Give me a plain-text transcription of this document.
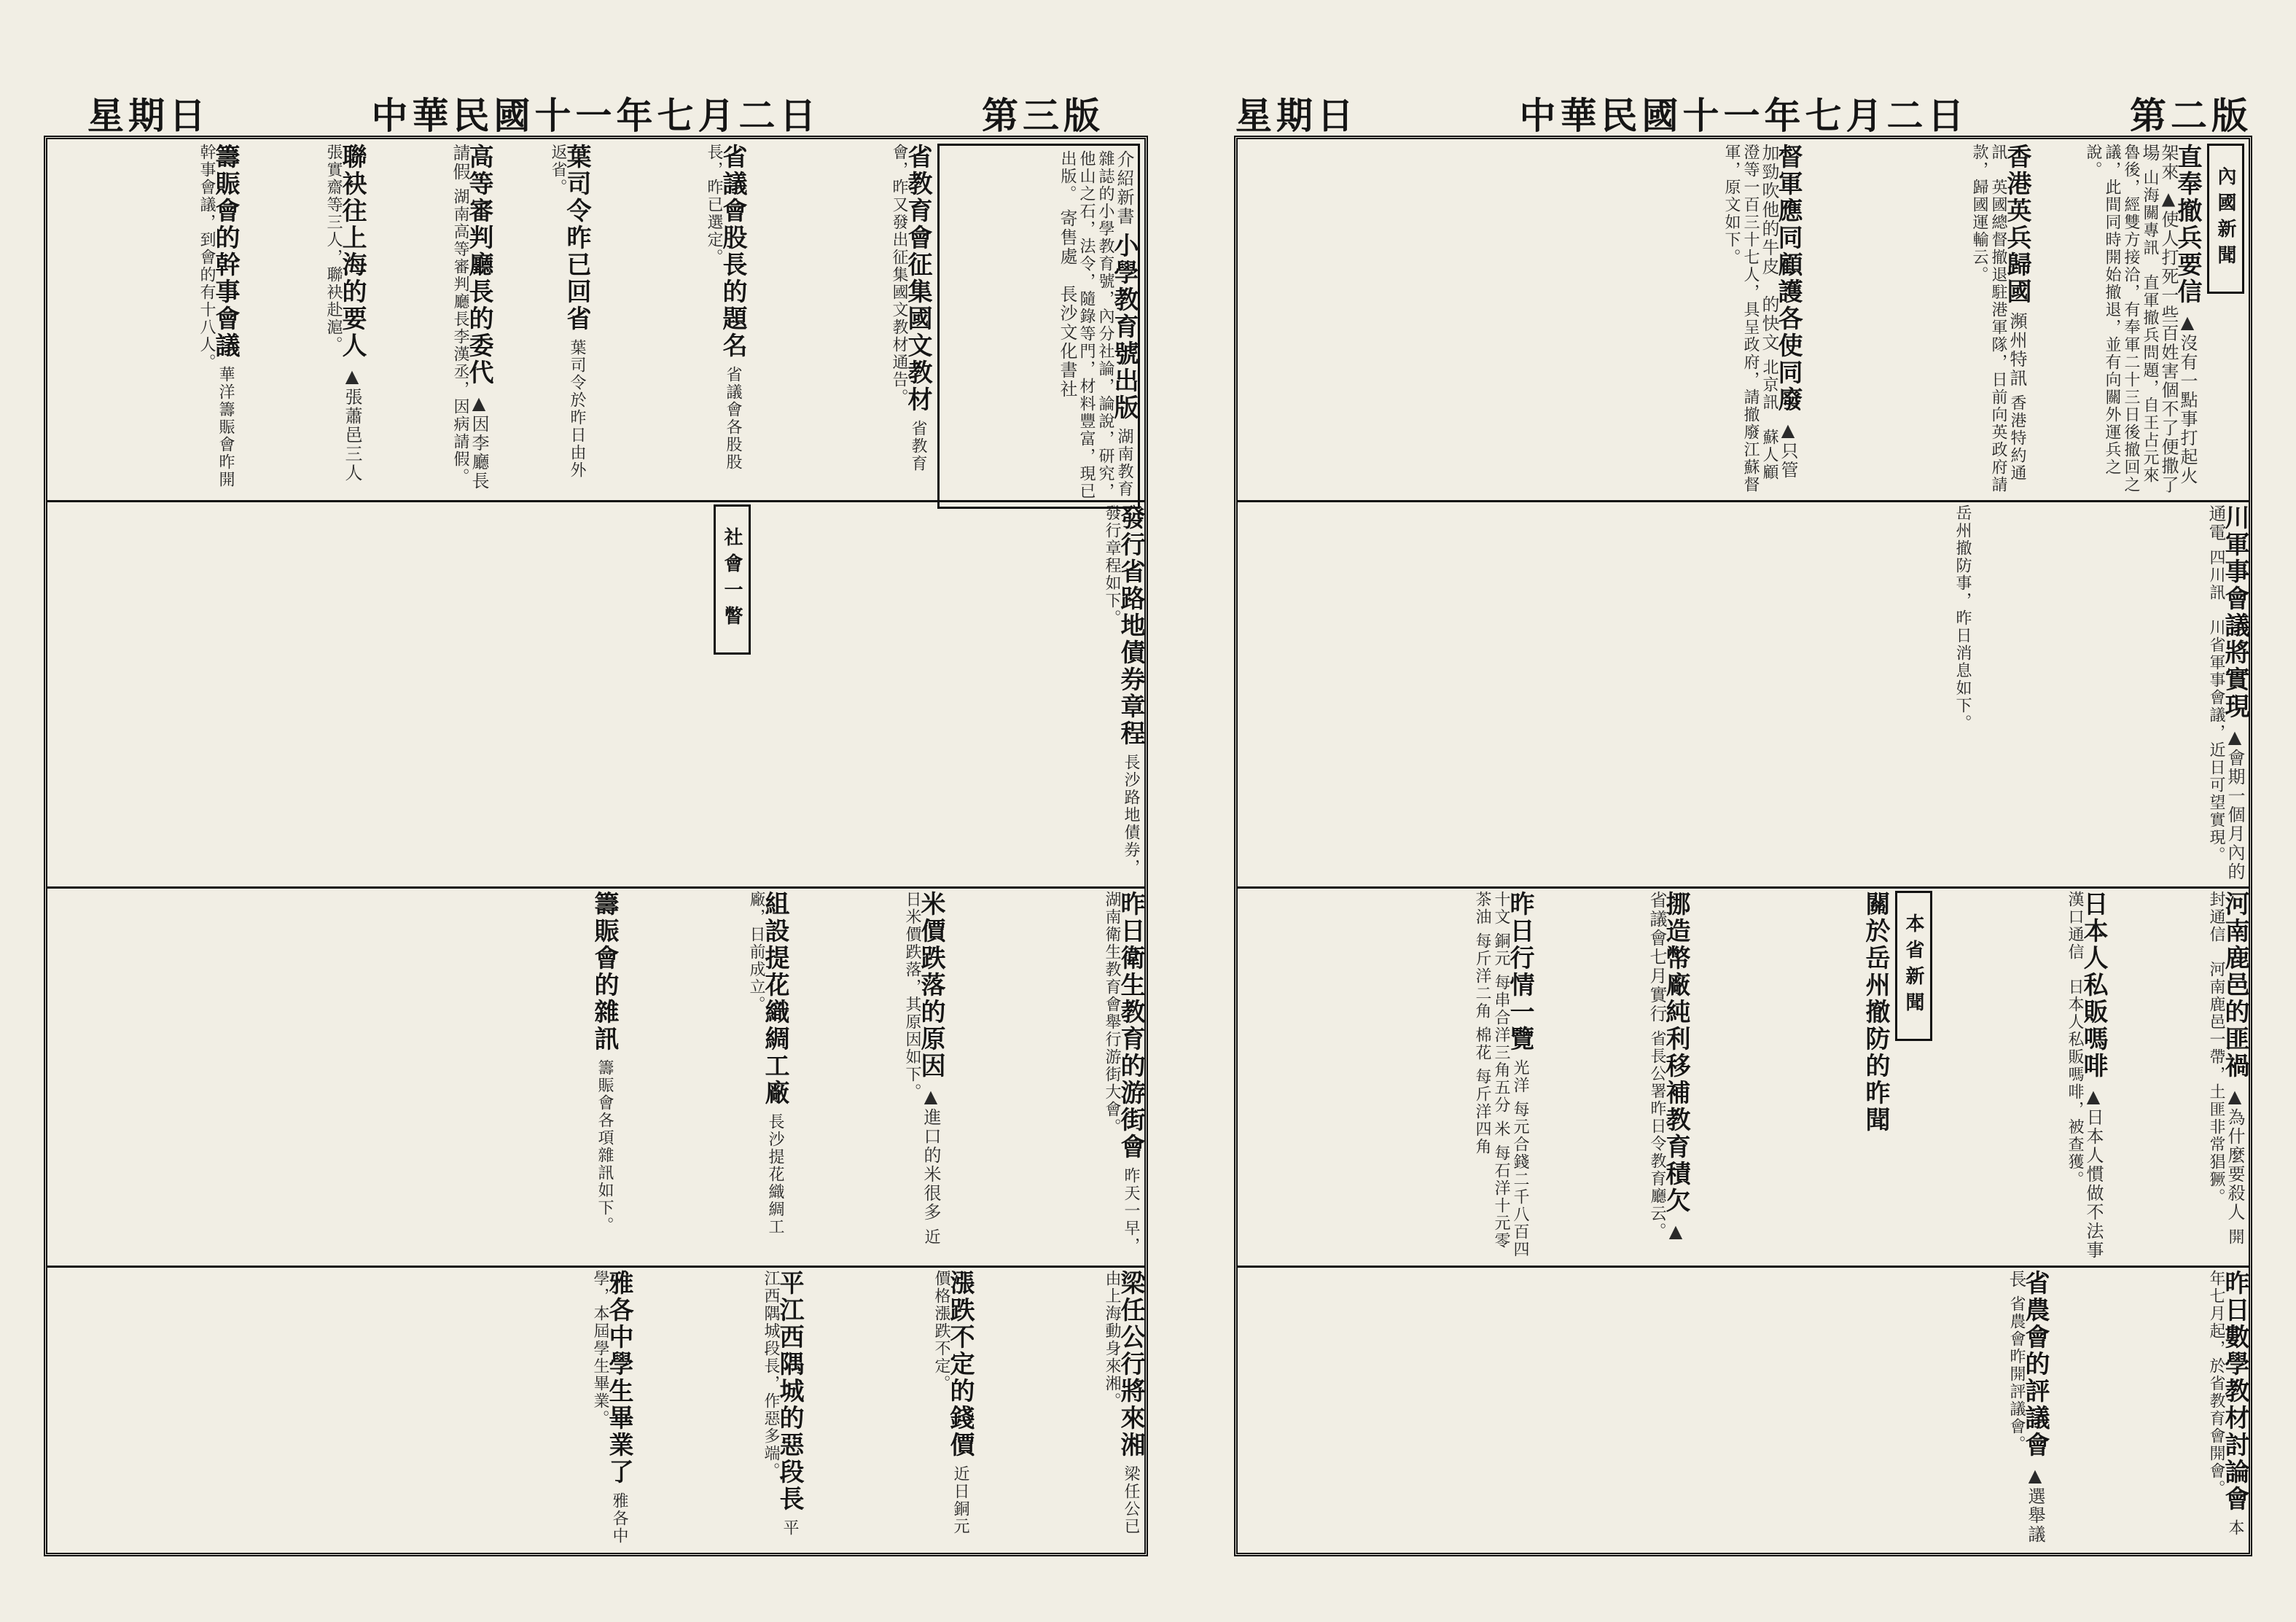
星期日	中華民國十一年七月二日	第二版
內國新聞
直奉撤兵要信 ▲沒有一點事打起火架來 ▲使人打死一些百姓害個不了便撒了場 山海關專訊　直軍撤兵問題，自王占元來魯後，經雙方接洽，有奉軍二十三日後撤回之議，此間同時開始撤退，並有向關外運兵之說。
香港英兵歸國 瀕州特訊 香港特約通訊　英國總督撤退駐港軍隊，日前向英政府請款，歸國運輸云。
督軍應同顧護各使同廢 ▲只管加勁吹他的牛皮　的快文 北京訊　蘇人顧澄等一百三十七人，具呈政府，請撤廢江蘇督軍，原文如下。
川軍事會議將實現 ▲會期一個月內的通電 四川訊　川省軍事會議，近日可望實現。
岳州撤防事，昨日消息如下。
河南鹿邑的匪禍 ▲為什麼要殺人 開封通信　河南鹿邑一帶，土匪非常猖獗。
日本人私販嗎啡 ▲日本人慣做不法事 漢口通信　日本人私販嗎啡，被查獲。
本省新聞
關於岳州撤防的昨聞
挪造幣廠純利移補教育積欠 ▲省議會七月實行 省長公署昨日令教育廳云。
昨日行情一覽 光洋 每元合錢二千八百四十文 銅元 每串合洋三角五分 米 每石洋十元零 茶油 每斤洋二角 棉花 每斤洋四角
昨日數學教材討論會 本年七月起，於省教育會開會。
省農會的評議會 ▲選舉議長 省農會昨開評議會。
星期日	中華民國十一年七月二日	第三版
介紹新書 小學教育號出版 湖南教育雜誌的小學教育號，內分社論，論說，研究，他山之石，法令，隨錄等門，材料豐富，現已出版。 寄售處　長沙文化書社
省教育會征集國文教材 省教育會，昨又發出征集國文教材通告。
省議會股長的題名 省議會各股股長，昨已選定。
葉司令昨已回省 葉司令於昨日由外返省。
高等審判廳長的委代 ▲因李廳長請假 湖南高等審判廳長李漢丞，因病請假。
聯袂往上海的要人 ▲張蕭邑三人 張實齋等三人，聯袂赴滬。
籌賑會的幹事會議 華洋籌賑會昨開幹事會議，到會的有十八人。
發行省路地債券章程 長沙路地債券，發行章程如下。
社會一瞥
昨日衛生教育的游街會 昨天一早，湖南衛生教育會舉行游街大會。
米價跌落的原因 ▲進口的米很多 近日米價跌落，其原因如下。
組設提花織綢工廠 長沙提花織綢工廠，日前成立。
籌賑會的雜訊 籌賑會各項雜訊如下。
梁任公行將來湘 梁任公已由上海動身來湘。
漲跌不定的錢價 近日銅元價格漲跌不定。
平江西隅城的惡段長 平江西隅城段長，作惡多端。
雅各中學生畢業了 雅各中學，本屆學生畢業。
